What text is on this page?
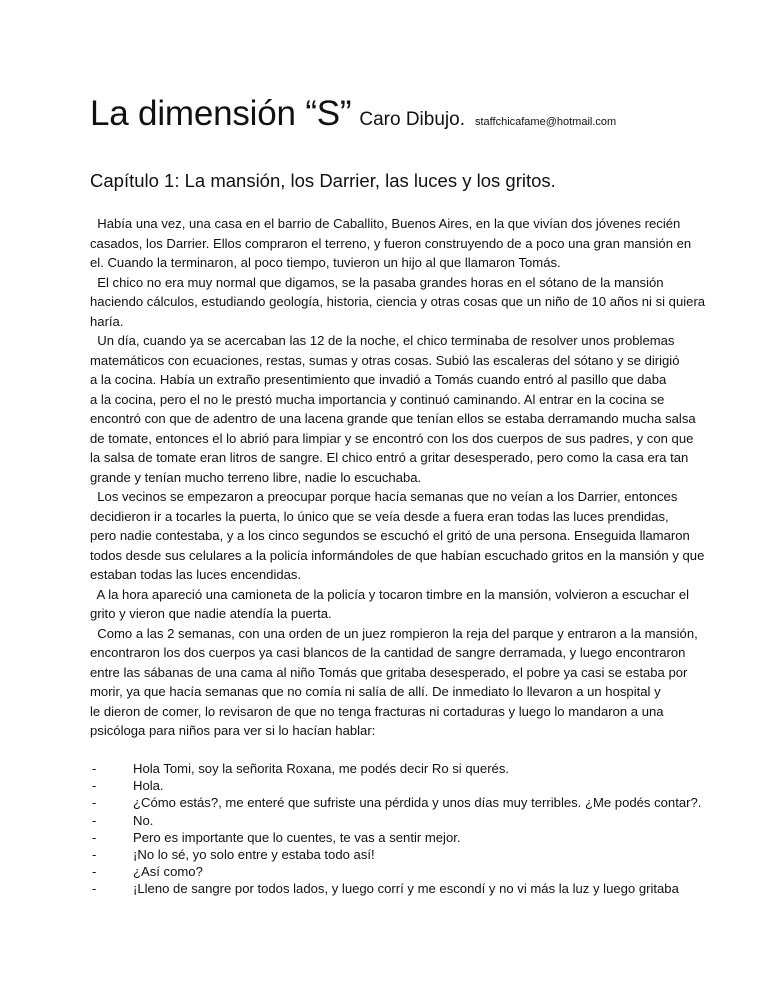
La dimensión “S” Caro Dibujo. staffchicafame@hotmail.com
Capítulo 1: La mansión, los Darrier, las luces y los gritos.
Había una vez, una casa en el barrio de Caballito, Buenos Aires, en la que vivían dos jóvenes recién
casados, los Darrier. Ellos compraron el terreno, y fueron construyendo de a poco una gran mansión en
el. Cuando la terminaron, al poco tiempo, tuvieron un hijo al que llamaron Tomás.
El chico no era muy normal que digamos, se la pasaba grandes horas en el sótano de la mansión
haciendo cálculos, estudiando geología, historia, ciencia y otras cosas que un niño de 10 años ni si quiera
haría.
Un día, cuando ya se acercaban las 12 de la noche, el chico terminaba de resolver unos problemas
matemáticos con ecuaciones, restas, sumas y otras cosas. Subió las escaleras del sótano y se dirigió
a la cocina. Había un extraño presentimiento que invadió a Tomás cuando entró al pasillo que daba
a la cocina, pero el no le prestó mucha importancia y continuó caminando. Al entrar en la cocina se
encontró con que de adentro de una lacena grande que tenían ellos se estaba derramando mucha salsa
de tomate, entonces el lo abrió para limpiar y se encontró con los dos cuerpos de sus padres, y con que
la salsa de tomate eran litros de sangre. El chico entró a gritar desesperado, pero como la casa era tan
grande y tenían mucho terreno libre, nadie lo escuchaba.
Los vecinos se empezaron a preocupar porque hacía semanas que no veían a los Darrier, entonces
decidieron ir a tocarles la puerta, lo único que se veía desde a fuera eran todas las luces prendidas,
pero nadie contestaba, y a los cinco segundos se escuchó el gritó de una persona. Enseguida llamaron
todos desde sus celulares a la policía informándoles de que habían escuchado gritos en la mansión y que
estaban todas las luces encendidas.
A la hora apareció una camioneta de la policía y tocaron timbre en la mansión, volvieron a escuchar el
grito y vieron que nadie atendía la puerta.
Como a las 2 semanas, con una orden de un juez rompieron la reja del parque y entraron a la mansión,
encontraron los dos cuerpos ya casi blancos de la cantidad de sangre derramada, y luego encontraron
entre las sábanas de una cama al niño Tomás que gritaba desesperado, el pobre ya casi se estaba por
morir, ya que hacía semanas que no comía ni salía de allí. De inmediato lo llevaron a un hospital y
le dieron de comer, lo revisaron de que no tenga fracturas ni cortaduras y luego lo mandaron a una
psicóloga para niños para ver si lo hacían hablar:
-	Hola Tomi, soy la señorita Roxana, me podés decir Ro si querés.
-	Hola.
-	¿Cómo estás?, me enteré que sufriste una pérdida y unos días muy terribles. ¿Me podés contar?.
-	No.
-	Pero es importante que lo cuentes, te vas a sentir mejor.
-	¡No lo sé, yo solo entre y estaba todo así!
-	¿Así como?
-	¡Lleno de sangre por todos lados, y luego corrí y me escondí y no vi más la luz y luego gritaba
